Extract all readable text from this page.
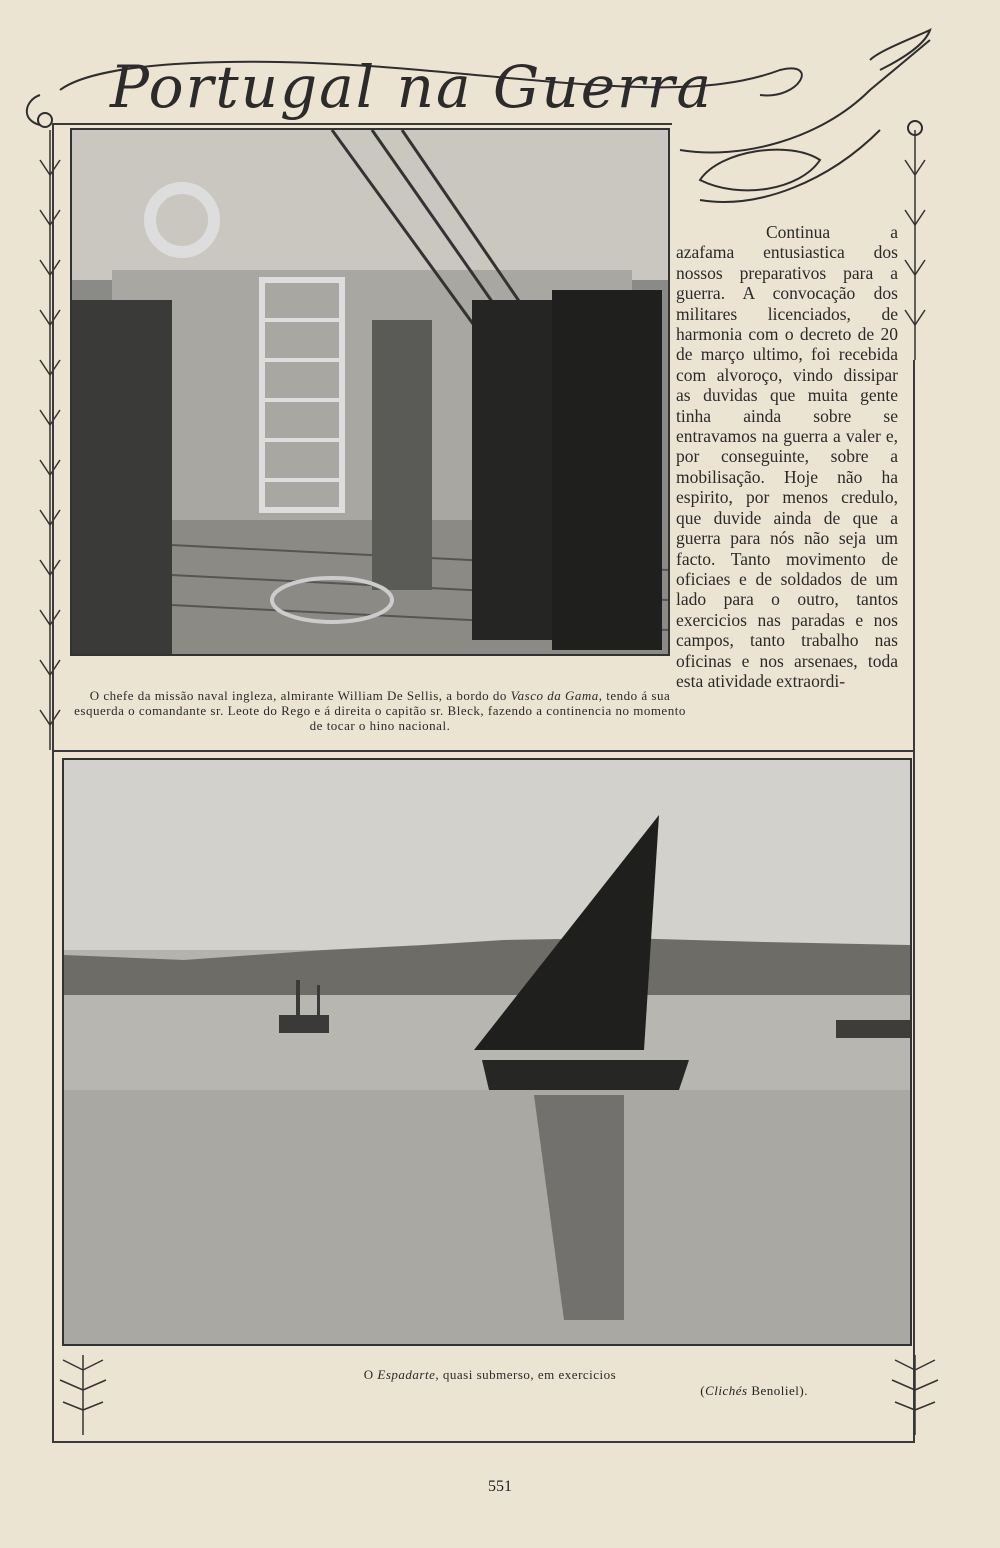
Portugal na Guerra
O chefe da missão naval ingleza, almirante William De Sellis, a bordo do Vasco da Gama, tendo á sua esquerda o comandante sr. Leote do Rego e á direita o capitão sr. Bleck, fazendo a continencia no momento de tocar o hino nacional.

Continua a azafama entusiastica dos nossos preparativos para a guerra. A convocação dos militares licenciados, de harmonia com o decreto de 20 de março ultimo, foi recebida com alvoroço, vindo dissipar as duvidas que muita gente tinha ainda sobre se entravamos na guerra a valer e, por conseguinte, sobre a mobilisação. Hoje não ha espirito, por menos credulo, que duvide ainda de que a guerra para nós não seja um facto. Tanto movimento de oficiaes e de soldados de um lado para o outro, tantos exercicios nas paradas e nos campos, tanto trabalho nas oficinas e nos arsenaes, toda esta atividade extraordi-

O Espadarte, quasi submerso, em exercicios
(Clichés Benoliel).
551
